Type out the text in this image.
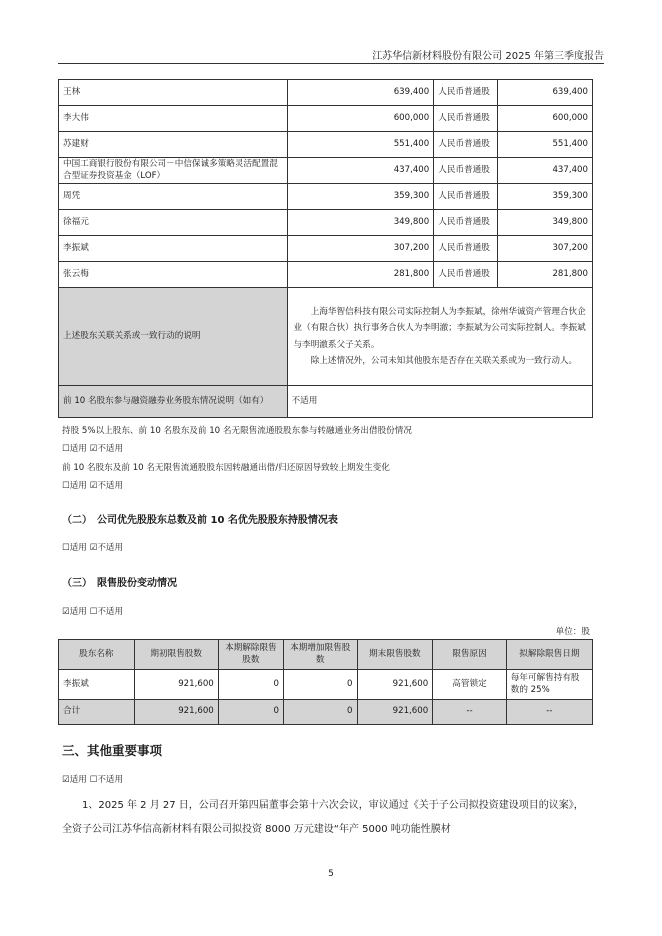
江苏华信新材料股份有限公司 2025 年第三季度报告
王林	639,400	人民币普通股	639,400
李大伟	600,000	人民币普通股	600,000
苏建财	551,400	人民币普通股	551,400
中国工商银行股份有限公司－中信保诚多策略灵活配置混合型证券投资基金（LOF）	437,400	人民币普通股	437,400
周凭	359,300	人民币普通股	359,300
徐福元	349,800	人民币普通股	349,800
李振斌	307,200	人民币普通股	307,200
张云梅	281,800	人民币普通股	281,800
上述股东关联关系或一致行动的说明	上海华智信科技有限公司实际控制人为李振斌，徐州华诚资产管理合伙企业（有限合伙）执行事务合伙人为李明澈；李振斌为公司实际控制人。李振斌与李明澈系父子关系。

除上述情况外，公司未知其他股东是否存在关联关系或为一致行动人。		

前 10 名股东参与融资融券业务股东情况说明（如有）	不适用		
持股 5%以上股东、前 10 名股东及前 10 名无限售流通股股东参与转融通业务出借股份情况
☐适用 ☑不适用
前 10 名股东及前 10 名无限售流通股股东因转融通出借/归还原因导致较上期发生变化
☐适用 ☑不适用
（二）　公司优先股股东总数及前 10 名优先股股东持股情况表
☐适用 ☑不适用
（三）　限售股份变动情况
☑适用 ☐不适用
单位：股
股东名称	期初限售股数	本期解除限售股数	本期增加限售股数	期末限售股数	限售原因	拟解除限售日期
李振斌	921,600	0	0	921,600	高管锁定	每年可解售持有股数的 25%
合计	921,600	0	0	921,600	--	--
三、其他重要事项
☑适用 ☐不适用

1、2025 年 2 月 27 日，公司召开第四届董事会第十六次会议，审议通过《关于子公司拟投资建设项目的议案》，全资子公司江苏华信高新材料有限公司拟投资 8000 万元建设“年产 5000 吨功能性膜材

5
